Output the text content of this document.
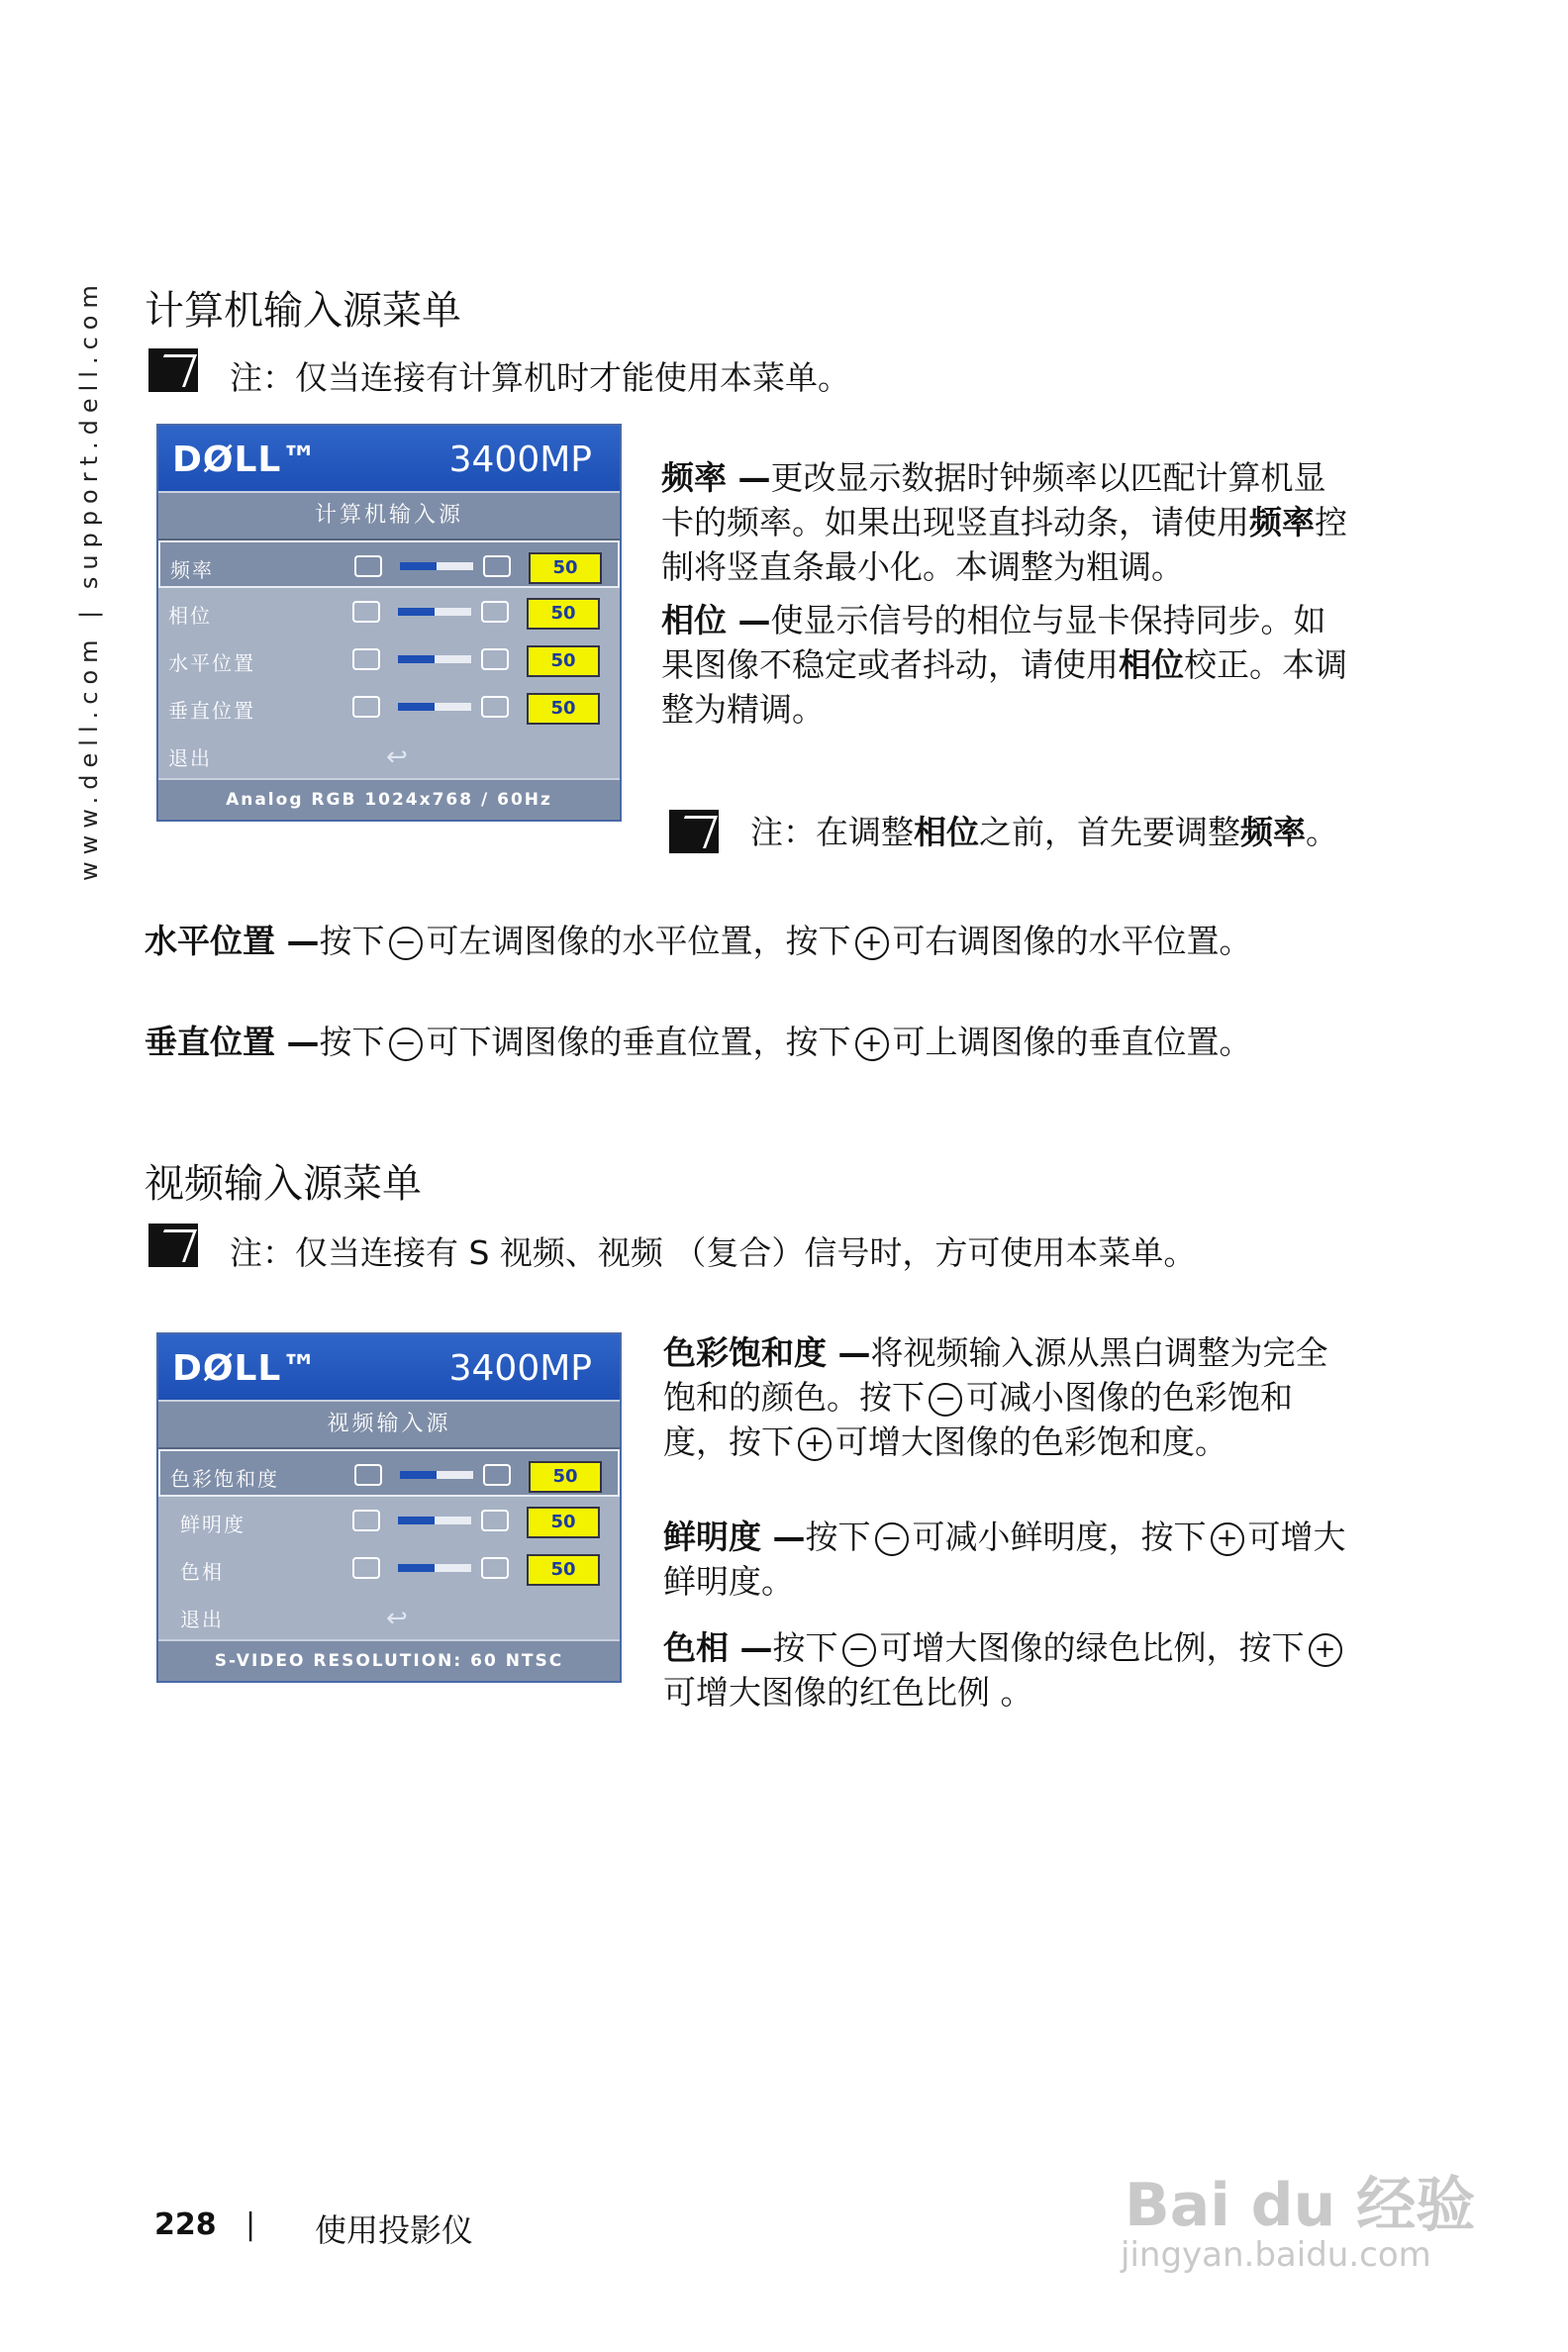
www.dell.com | support.dell.com 计算机输入源菜单
注：仅当连接有计算机时才能使用本菜单。
DØLL™	3400MP
计算机输入源
频率	50
相位	50
水平位置	50
垂直位置	50
退出	↩
Analog RGB 1024x768 / 60Hz
频率 —更改显示数据时钟频率以匹配计算机显卡的频率。如果出现竖直抖动条，请使用频率控制将竖直条最小化。本调整为粗调。
相位 —使显示信号的相位与显卡保持同步。如果图像不稳定或者抖动，请使用相位校正。本调整为精调。
注：在调整相位之前，首先要调整频率。
水平位置 —按下 − 可左调图像的水平位置，按下 + 可右调图像的水平位置。
垂直位置 —按下 − 可下调图像的垂直位置，按下 + 可上调图像的垂直位置。
视频输入源菜单
注：仅当连接有 S 视频、视频 （复合）信号时，方可使用本菜单。
DØLL™	3400MP
视频输入源
色彩饱和度	50
鲜明度	50
色相	50
退出	↩
S-VIDEO RESOLUTION: 60 NTSC
色彩饱和度 —将视频输入源从黑白调整为完全饱和的颜色。按下 − 可减小图像的色彩饱和度，按下 + 可增大图像的色彩饱和度。
鲜明度 —按下 − 可减小鲜明度，按下 + 可增大鲜明度。
色相 —按下 − 可增大图像的绿色比例，按下 +可增大图像的红色比例 。
228 | 使用投影仪	Bai du 经验
jingyan.baidu.com
